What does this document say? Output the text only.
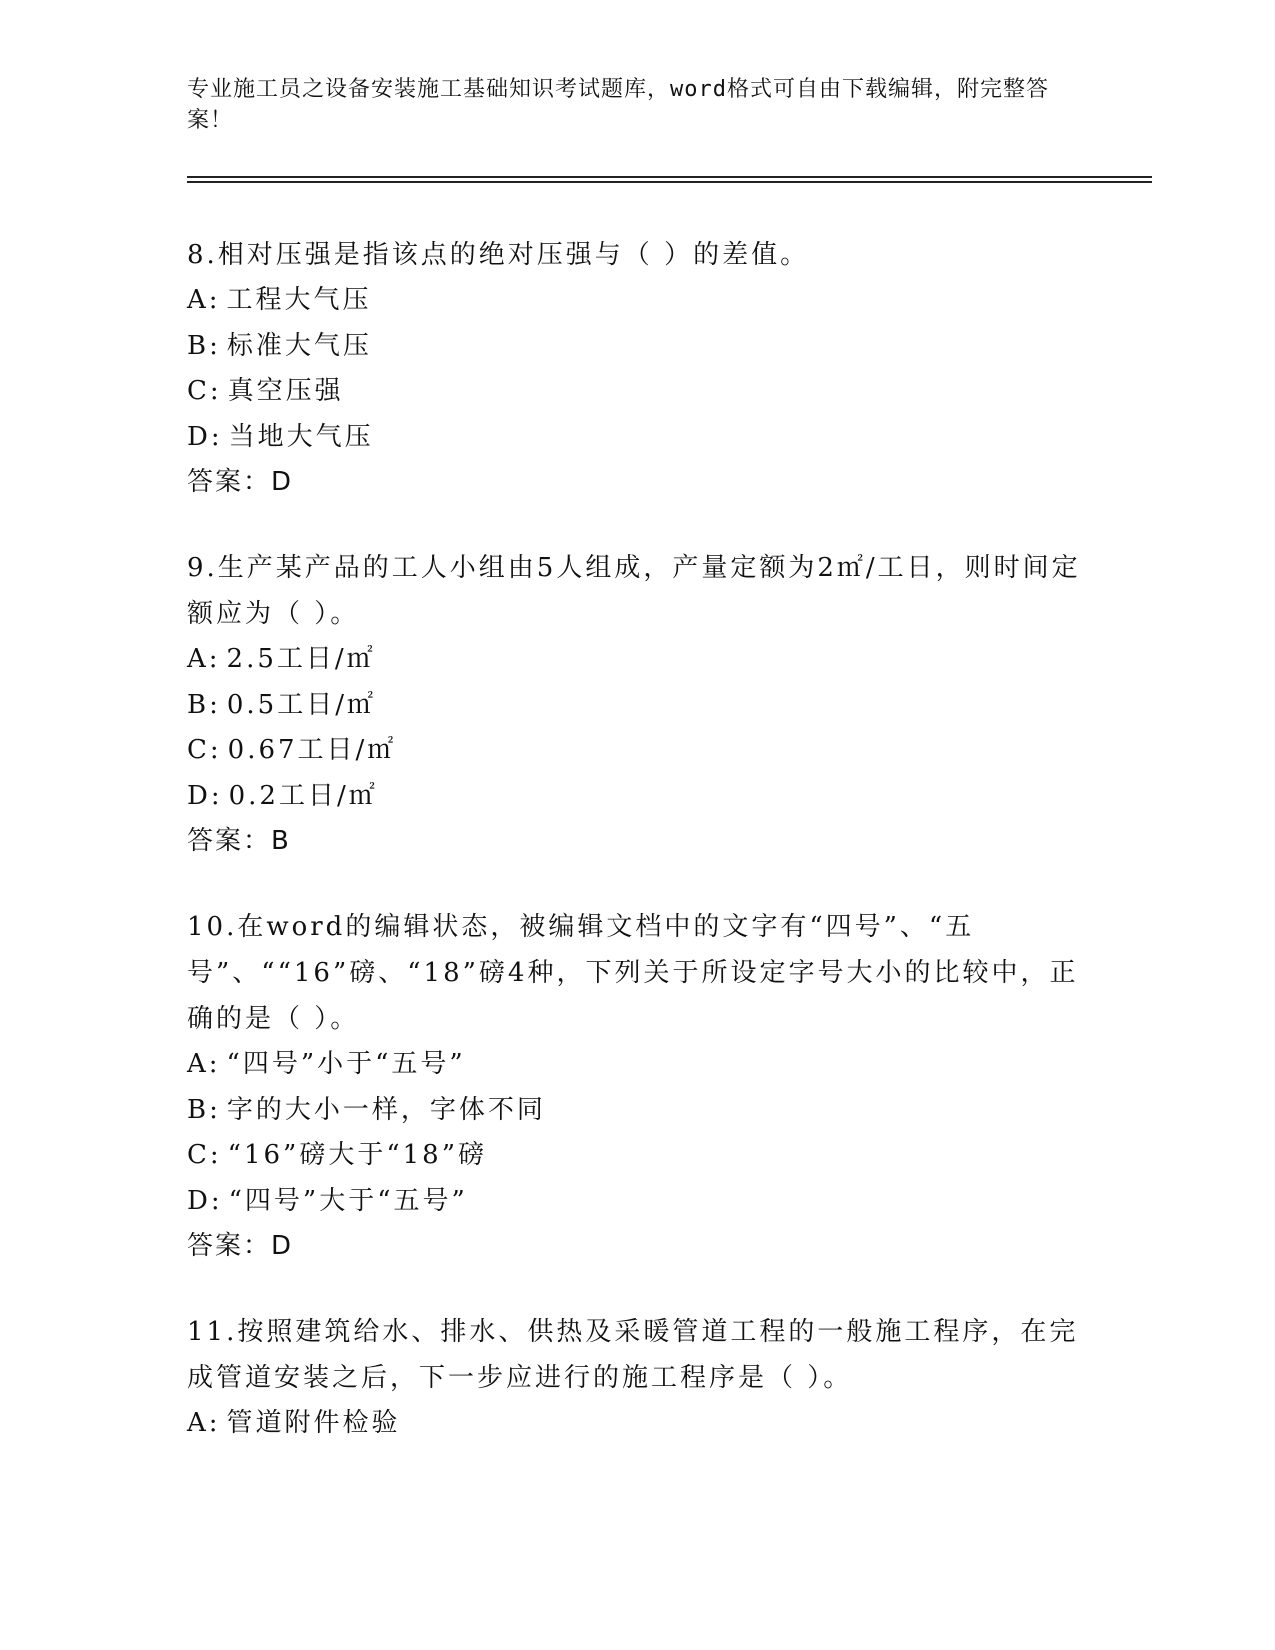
专业施工员之设备安装施工基础知识考试题库，word格式可自由下载编辑，附完整答案！

8.相对压强是指该点的绝对压强与（ ）的差值。

A: 工程大气压

B: 标准大气压

C: 真空压强

D: 当地大气压

答案：D

9.生产某产品的工人小组由5人组成，产量定额为2㎡/工日，则时间定额应为（ ）。

A: 2.5工日/㎡

B: 0.5工日/㎡

C: 0.67工日/㎡

D: 0.2工日/㎡

答案：B

10.在word的编辑状态，被编辑文档中的文字有“四号”、“五号”、““16”磅、“18”磅4种，下列关于所设定字号大小的比较中，正确的是（ ）。

A: “四号”小于“五号”

B: 字的大小一样，字体不同

C: “16”磅大于“18”磅

D: “四号”大于“五号”

答案：D

11.按照建筑给水、排水、供热及采暖管道工程的一般施工程序，在完成管道安装之后，下一步应进行的施工程序是（ ）。

A: 管道附件检验
